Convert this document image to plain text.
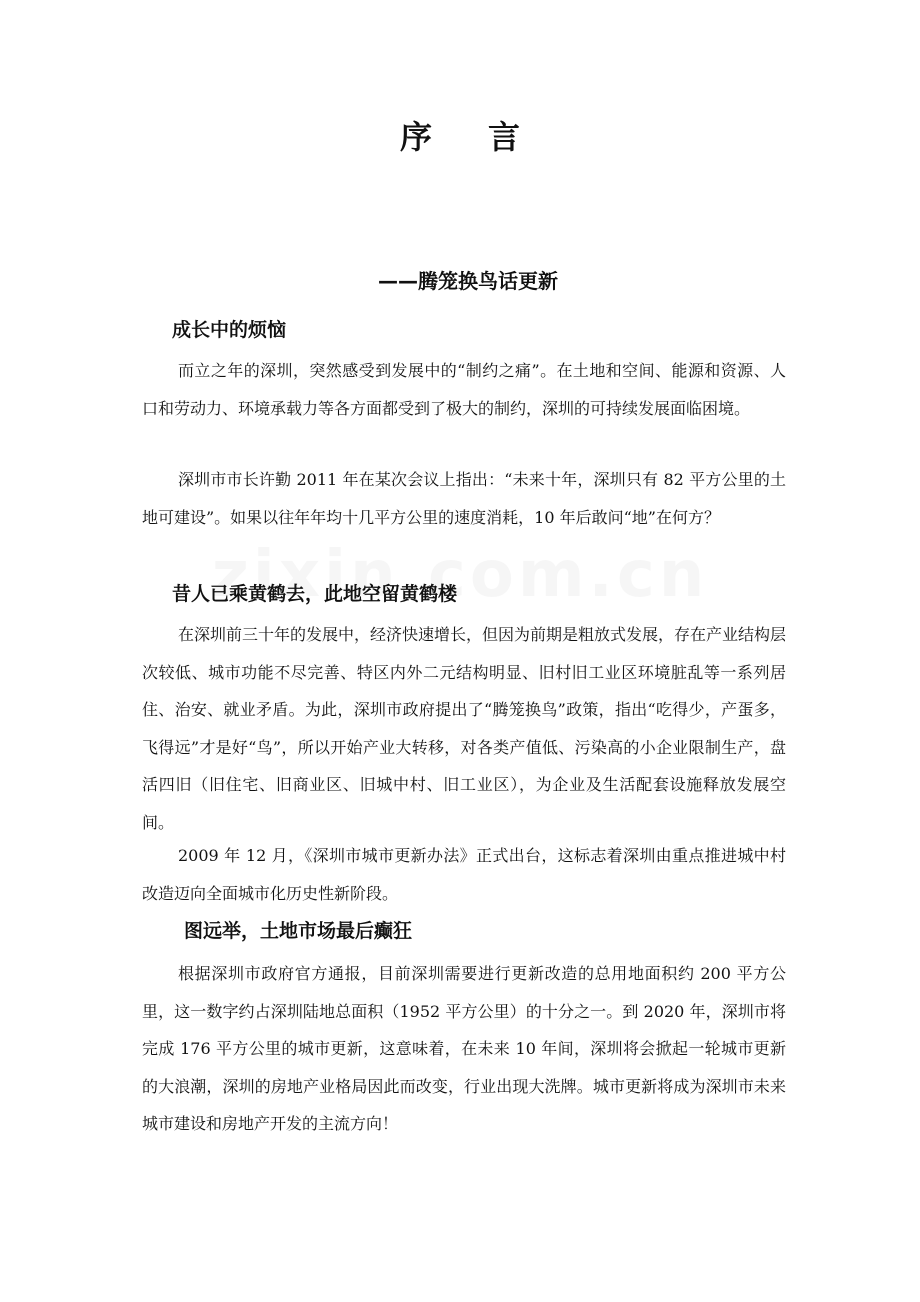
序言
——腾笼换鸟话更新
成长中的烦恼

而立之年的深圳，突然感受到发展中的“制约之痛”。在土地和空间、能源和资源、人口和劳动力、环境承载力等各方面都受到了极大的制约，深圳的可持续发展面临困境。

深圳市市长许勤 2011 年在某次会议上指出：“未来十年，深圳只有 82 平方公里的土地可建设”。如果以往年年均十几平方公里的速度消耗，10 年后敢问“地”在何方？

昔人已乘黄鹤去，此地空留黄鹤楼

在深圳前三十年的发展中，经济快速增长，但因为前期是粗放式发展，存在产业结构层次较低、城市功能不尽完善、特区内外二元结构明显、旧村旧工业区环境脏乱等一系列居住、治安、就业矛盾。为此，深圳市政府提出了“腾笼换鸟”政策，指出“吃得少，产蛋多，飞得远”才是好“鸟”，所以开始产业大转移，对各类产值低、污染高的小企业限制生产，盘活四旧（旧住宅、旧商业区、旧城中村、旧工业区），为企业及生活配套设施释放发展空间。

2009 年 12 月，《深圳市城市更新办法》正式出台，这标志着深圳由重点推进城中村改造迈向全面城市化历史性新阶段。

图远举，土地市场最后癫狂

根据深圳市政府官方通报，目前深圳需要进行更新改造的总用地面积约 200 平方公里，这一数字约占深圳陆地总面积（1952 平方公里）的十分之一。到 2020 年，深圳市将完成 176 平方公里的城市更新，这意味着，在未来 10 年间，深圳将会掀起一轮城市更新的大浪潮，深圳的房地产业格局因此而改变，行业出现大洗牌。城市更新将成为深圳市未来城市建设和房地产开发的主流方向！
